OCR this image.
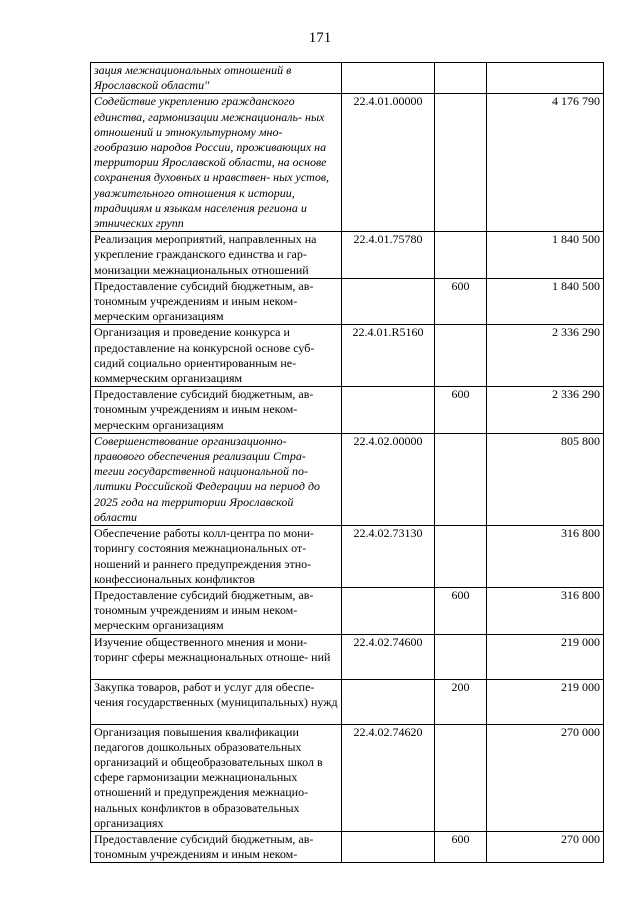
171
зация межнациональных отношений в Ярославской области"			

Содействие укреплению гражданского единства, гармонизации межнациональ- ных отношений и этнокультурному мно- гообразию народов России, проживающих на территории Ярославской области, на основе сохранения духовных и нравствен- ных устов, уважительного отношения к истории, традициям и языкам населения региона и этнических групп	22.4.01.00000		4 176 790

Реализация мероприятий, направленных на укрепление гражданского единства и гар- монизации межнациональных отношений	22.4.01.75780		1 840 500

Предоставление субсидий бюджетным, ав- тономным учреждениям и иным неком- мерческим организациям		600	1 840 500

Организация и проведение конкурса и предоставление на конкурсной основе суб- сидий социально ориентированным не- коммерческим организациям	22.4.01.R5160		2 336 290

Предоставление субсидий бюджетным, ав- тономным учреждениям и иным неком- мерческим организациям		600	2 336 290

Совершенствование организационно- правового обеспечения реализации Стра- тегии государственной национальной по- литики Российской Федерации на период до 2025 года на территории Ярославской области	22.4.02.00000		805 800

Обеспечение работы колл-центра по мони- торингу состояния межнациональных от- ношений и раннего предупреждения этно- конфессиональных конфликтов	22.4.02.73130		316 800

Предоставление субсидий бюджетным, ав- тономным учреждениям и иным неком- мерческим организациям		600	316 800

Изучение общественного мнения и мони- торинг сферы межнациональных отноше- ний	22.4.02.74600		219 000

Закупка товаров, работ и услуг для обеспе- чения государственных (муниципальных) нужд		200	219 000

Организация повышения квалификации педагогов дошкольных образовательных организаций и общеобразовательных школ в сфере гармонизации межнациональных отношений и предупреждения межнацио- нальных конфликтов в образовательных организациях	22.4.02.74620		270 000

Предоставление субсидий бюджетным, ав- тономным учреждениям и иным неком-		600	270 000
